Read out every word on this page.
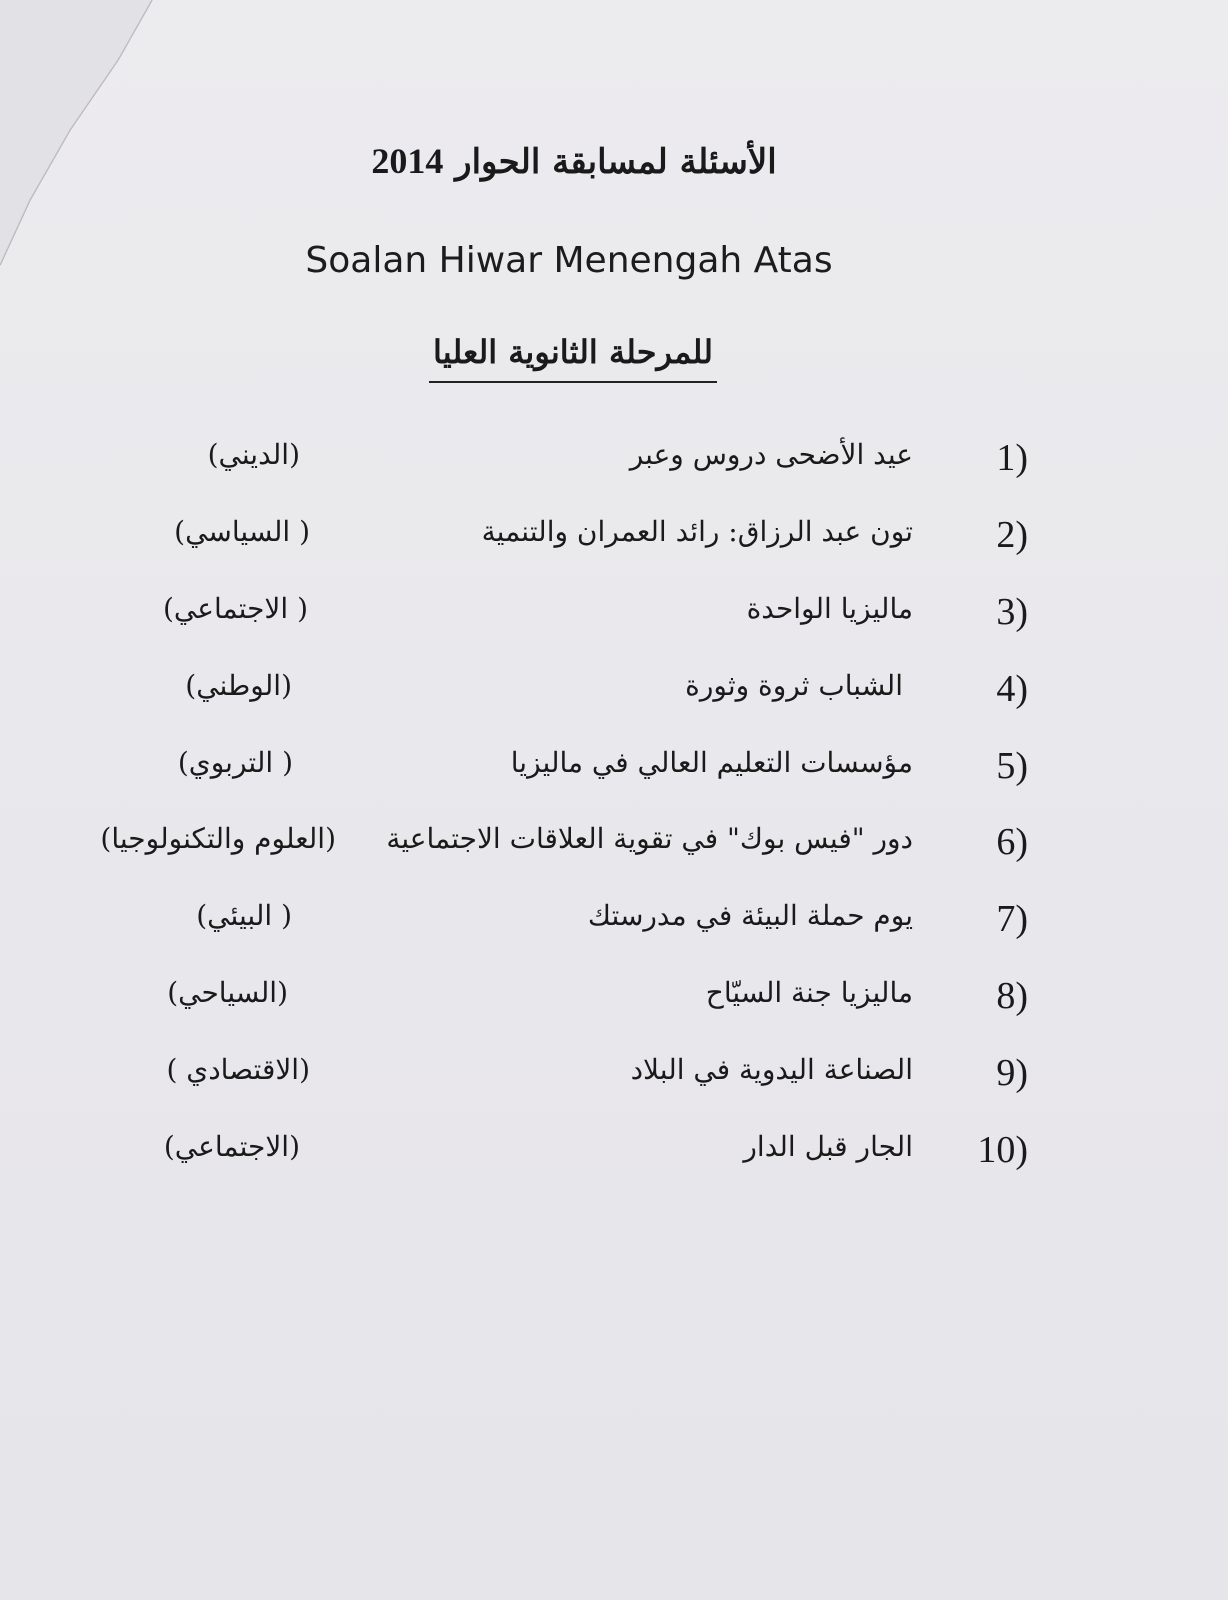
الأسئلة لمسابقة الحوار 2014
Soalan Hiwar Menengah Atas
للمرحلة الثانوية العليا
1)
عيد الأضحى دروس وعبر
(الديني)
2)
تون عبد الرزاق: رائد العمران والتنمية
( السياسي)
3)
ماليزيا الواحدة
( الاجتماعي)
4)
الشباب ثروة وثورة
(الوطني)
5)
مؤسسات التعليم العالي في ماليزيا
( التربوي)
6)
دور "فيس بوك" في تقوية العلاقات الاجتماعية
(العلوم والتكنولوجيا)
7)
يوم حملة البيئة في مدرستك
( البيئي)
8)
ماليزيا جنة السيّاح
(السياحي)
9)
الصناعة اليدوية في البلاد
(الاقتصادي )
10)
الجار قبل الدار
(الاجتماعي)
